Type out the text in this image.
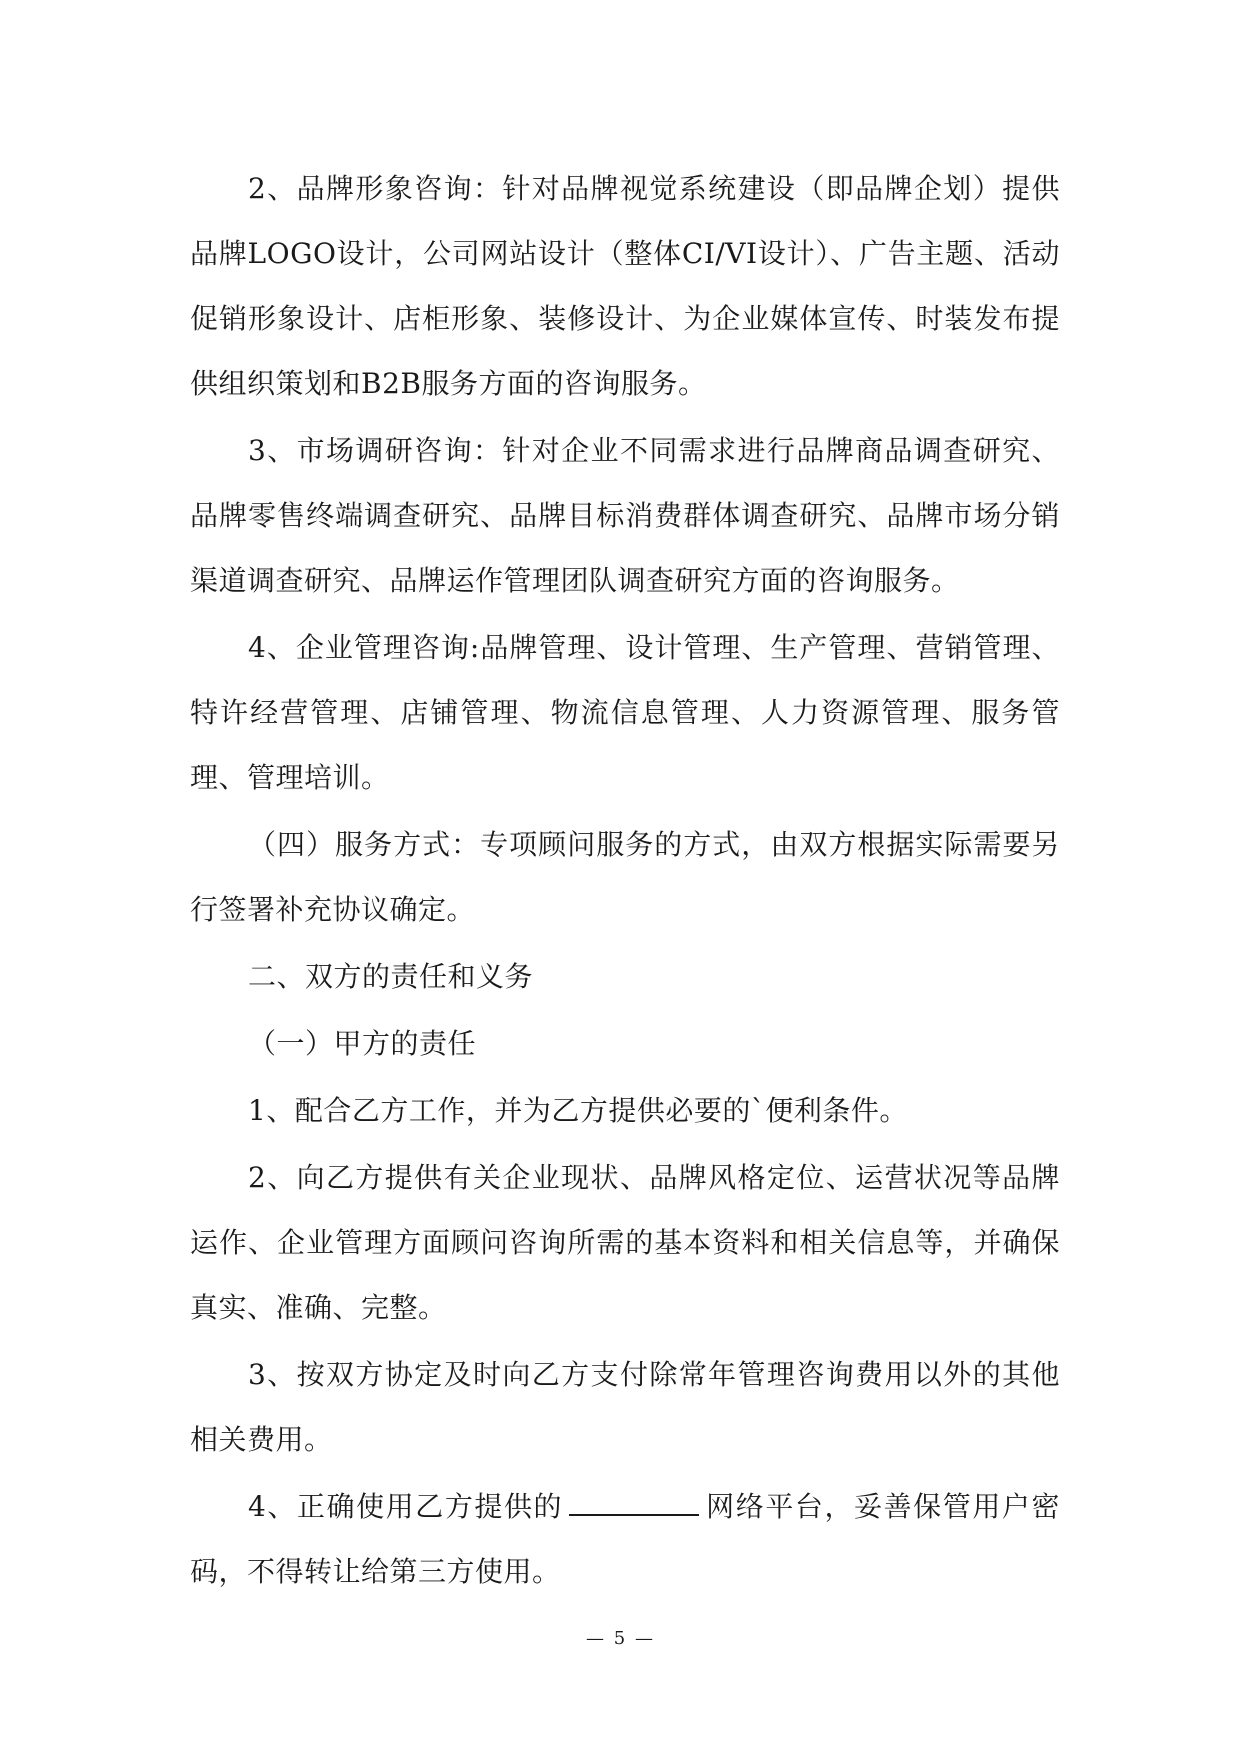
2、品牌形象咨询：针对品牌视觉系统建设（即品牌企划）提供品牌LOGO设计，公司网站设计（整体CI/VI设计）、广告主题、活动促销形象设计、店柜形象、装修设计、为企业媒体宣传、时装发布提供组织策划和B2B服务方面的咨询服务。

3、市场调研咨询：针对企业不同需求进行品牌商品调查研究、品牌零售终端调查研究、品牌目标消费群体调查研究、品牌市场分销渠道调查研究、品牌运作管理团队调查研究方面的咨询服务。

4、企业管理咨询:品牌管理、设计管理、生产管理、营销管理、特许经营管理、店铺管理、物流信息管理、人力资源管理、服务管理、管理培训。

（四）服务方式：专项顾问服务的方式，由双方根据实际需要另行签署补充协议确定。

二、双方的责任和义务

（一）甲方的责任

1、配合乙方工作，并为乙方提供必要的`便利条件。

2、向乙方提供有关企业现状、品牌风格定位、运营状况等品牌运作、企业管理方面顾问咨询所需的基本资料和相关信息等，并确保真实、准确、完整。

3、按双方协定及时向乙方支付除常年管理咨询费用以外的其他相关费用。

4、正确使用乙方提供的	网络平台，妥善保管用户密码，不得转让给第三方使用。

— 5 —
